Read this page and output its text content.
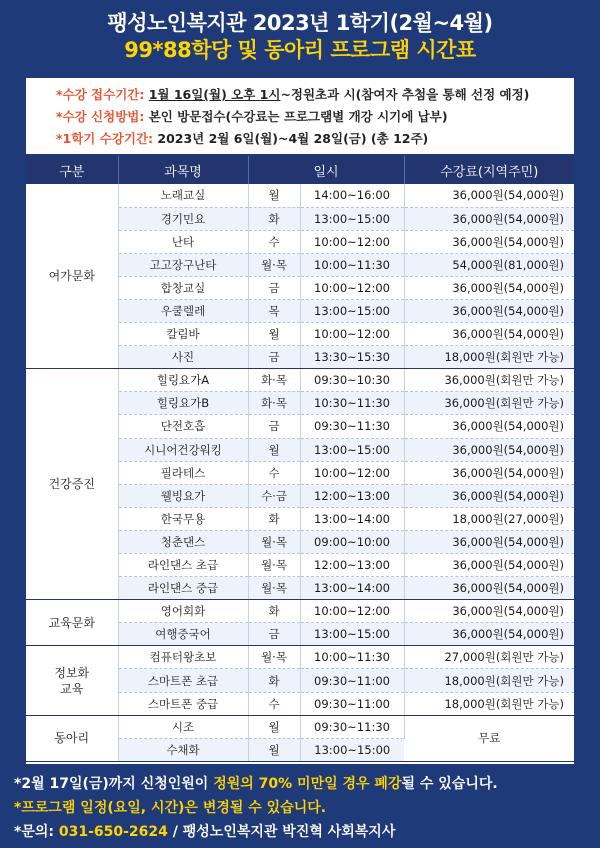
팽성노인복지관 2023년 1학기(2월~4월)
99*88학당 및 동아리 프로그램 시간표
*수강 접수기간: 1월 16일(월) 오후 1시~정원초과 시(참여자 추첨을 통해 선정 예정)
*수강 신청방법: 본인 방문접수(수강료는 프로그램별 개강 시기에 납부)
*1학기 수강기간: 2023년 2월 6일(월)~4월 28일(금) (총 12주)
구분	과목명	일시		수강료(지역주민)
여가문화	노래교실	월	14:00~16:00	36,000원(54,000원)
	경기민요	화	13:00~15:00	36,000원(54,000원)
	난타	수	10:00~12:00	36,000원(54,000원)
	고고장구난타	월·목	10:00~11:30	54,000원(81,000원)
	합창교실	금	10:00~12:00	36,000원(54,000원)
	우쿨렐레	목	13:00~15:00	36,000원(54,000원)
	칼림바	월	10:00~12:00	36,000원(54,000원)
	사진	금	13:30~15:30	18,000원(회원만 가능)
건강증진	힐링요가A	화·목	09:30~10:30	36,000원(회원만 가능)
	힐링요가B	화·목	10:30~11:30	36,000원(회원만 가능)
	단전호흡	금	09:30~11:30	36,000원(54,000원)
	시니어건강워킹	월	13:00~15:00	36,000원(54,000원)
	필라테스	수	10:00~12:00	36,000원(54,000원)
	웰빙요가	수·금	12:00~13:00	36,000원(54,000원)
	한국무용	화	13:00~14:00	18,000원(27,000원)
	청춘댄스	월·목	09:00~10:00	36,000원(54,000원)
	라인댄스 초급	월·목	12:00~13:00	36,000원(54,000원)
	라인댄스 중급	월·목	13:00~14:00	36,000원(54,000원)
교육문화	영어회화	화	10:00~12:00	36,000원(54,000원)
	여행중국어	금	13:00~15:00	36,000원(54,000원)
정보화
교육	컴퓨터왕초보	월·목	10:00~11:30	27,000원(회원만 가능)
	스마트폰 초급	화	09:30~11:00	18,000원(회원만 가능)
	스마트폰 중급	수	09:30~11:00	18,000원(회원만 가능)
동아리	시조	월	09:30~11:30	무료
	수채화	월	13:00~15:00	
*2월 17일(금)까지 신청인원이 정원의 70% 미만일 경우 폐강될 수 있습니다.
*프로그램 일정(요일, 시간)은 변경될 수 있습니다.
*문의: 031-650-2624 / 팽성노인복지관 박진혁 사회복지사
